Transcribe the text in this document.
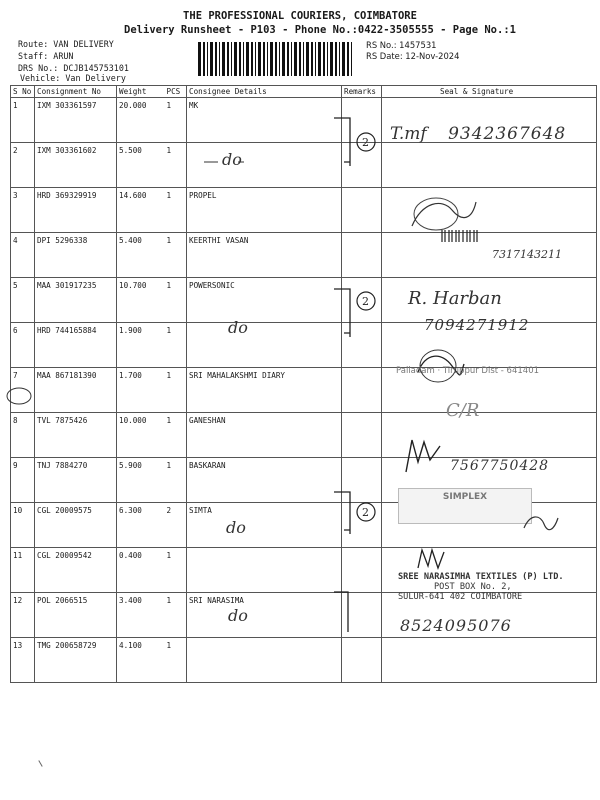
THE PROFESSIONAL COURIERS, COIMBATORE
Delivery Runsheet - P103 - Phone No.:0422-3505555 - Page No.:1
Route: VAN DELIVERY
Staff: ARUN
DRS No.: DCJB145753101
Vehicle: Van Delivery
RS No.: 1457531
RS Date: 12-Nov-2024
S No	Consignment No	Weight	PCS	Consignee Details	Remarks	Seal & Signature
1	IXM 303361597	20.000	1	MK		
2	IXM 303361602	5.500	1			
3	HRD 369329919	14.600	1	PROPEL		
4	DPI 5296338	5.400	1	KEERTHI VASAN		
5	MAA 301917235	10.700	1	POWERSONIC		
6	HRD 744165884	1.900	1			
7	MAA 867181390	1.700	1	SRI MAHALAKSHMI DIARY		
8	TVL 7875426	10.000	1	GANESHAN		
9	TNJ 7884270	5.900	1	BASKARAN		
10	CGL 20009575	6.300	2	SIMTA		
11	CGL 20009542	0.400	1			
12	POL 2066515	3.400	1	SRI NARASIMA		
13	TMG 200658729	4.100	1			
2
2
2
do
do
do
do
T.mf 9342367648
7317143211
R. Harban
7094271912
Palladam · Tiruppur Dist - 641401
C/R
7567750428
SIMPLEX
SREE NARASIMHA TEXTILES (P) LTD.
POST BOX No. 2,
SULUR-641 402 COIMBATORE
8524095076
